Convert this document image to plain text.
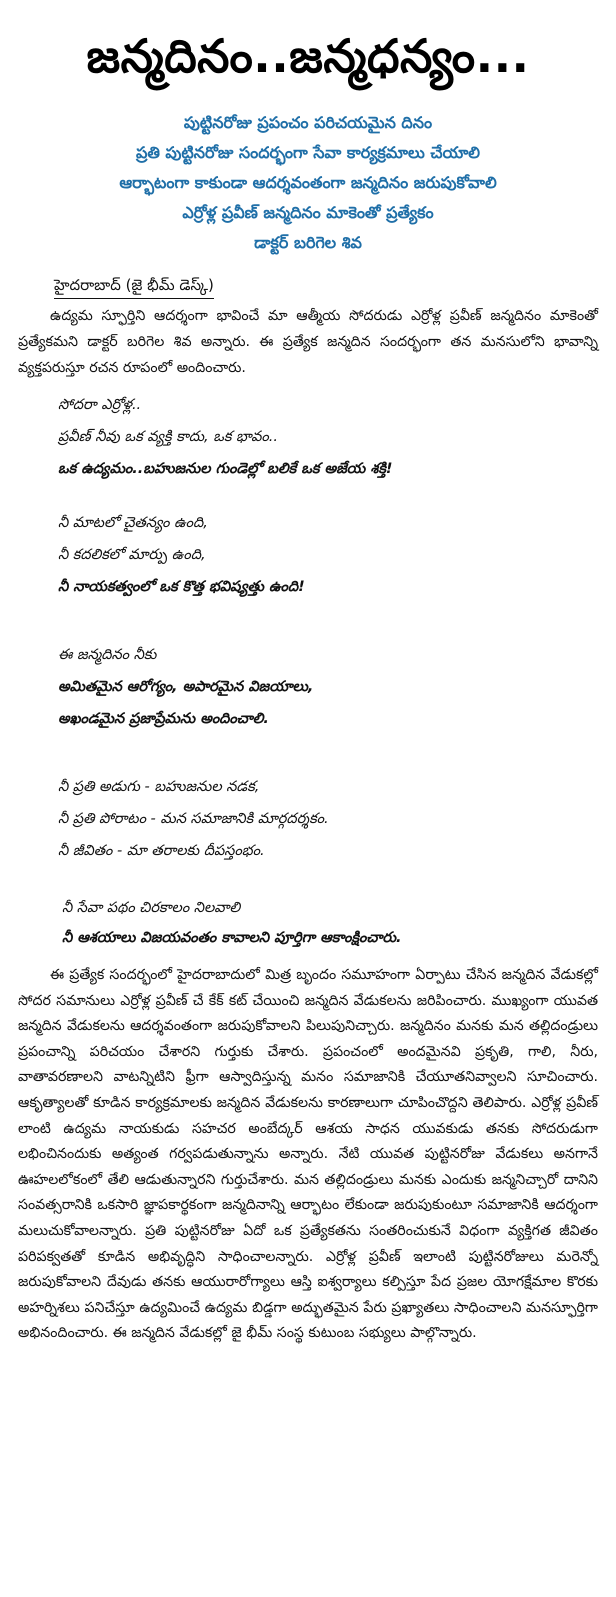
జన్మదినం..జన్మధన్యం...
పుట్టినరోజు ప్రపంచం పరిచయమైన దినం
ప్రతి పుట్టినరోజు సందర్భంగా సేవా కార్యక్రమాలు చేయాలి
ఆర్భాటంగా కాకుండా ఆదర్శవంతంగా జన్మదినం జరుపుకోవాలి
ఎర్రోళ్ల ప్రవీణ్ జన్మదినం మాకెంతో ప్రత్యేకం
డాక్టర్ బరిగెల శివ
హైదరాబాద్ (జై భీమ్ డెస్క్)

ఉద్యమ స్ఫూర్తిని ఆదర్శంగా భావించే మా ఆత్మీయ సోదరుడు ఎర్రోళ్ల ప్రవీణ్ జన్మదినం మాకెంతో ప్రత్యేకమని డాక్టర్ బరిగెల శివ అన్నారు. ఈ ప్రత్యేక జన్మదిన సందర్భంగా తన మనసులోని భావాన్ని వ్యక్తపరుస్తూ రచన రూపంలో అందించారు.

సోదరా ఎర్రోళ్ల..
ప్రవీణ్ నీవు ఒక వ్యక్తి కాదు, ఒక భావం..
ఒక ఉద్యమం..బహుజనుల గుండెల్లో బలికే ఒక అజేయ శక్తి!
నీ మాటలో చైతన్యం ఉంది,
నీ కదలికలో మార్పు ఉంది,
నీ నాయకత్వంలో ఒక కొత్త భవిష్యత్తు ఉంది!
ఈ జన్మదినం నీకు
అమితమైన ఆరోగ్యం, అపారమైన విజయాలు,
అఖండమైన ప్రజాప్రేమను అందించాలి.
నీ ప్రతి అడుగు - బహుజనుల నడక,
నీ ప్రతి పోరాటం - మన సమాజానికి మార్గదర్శకం.
నీ జీవితం - మా తరాలకు దీపస్తంభం.
నీ సేవా పథం చిరకాలం నిలవాలి
నీ ఆశయాలు విజయవంతం కావాలని పూర్తిగా ఆకాంక్షించారు.

ఈ ప్రత్యేక సందర్భంలో హైదరాబాదులో మిత్ర బృందం సమూహంగా ఏర్పాటు చేసిన జన్మదిన వేడుకల్లో సోదర సమానులు ఎర్రోళ్ల ప్రవీణ్ చే కేక్ కట్ చేయించి జన్మదిన వేడుకలను జరిపించారు. ముఖ్యంగా యువత జన్మదిన వేడుకలను ఆదర్శవంతంగా జరుపుకోవాలని పిలుపునిచ్చారు. జన్మదినం మనకు మన తల్లిదండ్రులు ప్రపంచాన్ని పరిచయం చేశారని గుర్తుకు చేశారు. ప్రపంచంలో అందమైనవి ప్రకృతి, గాలి, నీరు, వాతావరణాలని వాటన్నిటిని ఫ్రీగా ఆస్వాదిస్తున్న మనం సమాజానికి చేయూతనివ్వాలని సూచించారు. ఆకృత్యాలతో కూడిన కార్యక్రమాలకు జన్మదిన వేడుకలను కారణాలుగా చూపించొద్దని తెలిపారు. ఎర్రోళ్ల ప్రవీణ్ లాంటి ఉద్యమ నాయకుడు సహచర అంబేద్కర్ ఆశయ సాధన యువకుడు తనకు సోదరుడుగా లభించినందుకు అత్యంత గర్వపడుతున్నాను అన్నారు. నేటి యువత పుట్టినరోజు వేడుకలు అనగానే ఊహలలోకంలో తేలి ఆడుతున్నారని గుర్తుచేశారు. మన తల్లిదండ్రులు మనకు ఎందుకు జన్మనిచ్చారో దానిని సంవత్సరానికి ఒకసారి జ్ఞాపకార్థకంగా జన్మదినాన్ని ఆర్భాటం లేకుండా జరుపుకుంటూ సమాజానికి ఆదర్శంగా మలుచుకోవాలన్నారు. ప్రతి పుట్టినరోజు ఏదో ఒక ప్రత్యేకతను సంతరించుకునే విధంగా వ్యక్తిగత జీవితం పరిపక్వతతో కూడిన అభివృద్ధిని సాధించాలన్నారు. ఎర్రోళ్ల ప్రవీణ్ ఇలాంటి పుట్టినరోజులు మరెన్నో జరుపుకోవాలని దేవుడు తనకు ఆయురారోగ్యాలు ఆస్తి ఐశ్వర్యాలు కల్పిస్తూ పేద ప్రజల యోగక్షేమాల కొరకు అహర్నిశలు పనిచేస్తూ ఉద్యమించే ఉద్యమ బిడ్డగా అద్భుతమైన పేరు ప్రఖ్యాతలు సాధించాలని మనస్ఫూర్తిగా అభినందించారు. ఈ జన్మదిన వేడుకల్లో జై భీమ్ సంస్థ కుటుంబ సభ్యులు పాల్గొన్నారు.
